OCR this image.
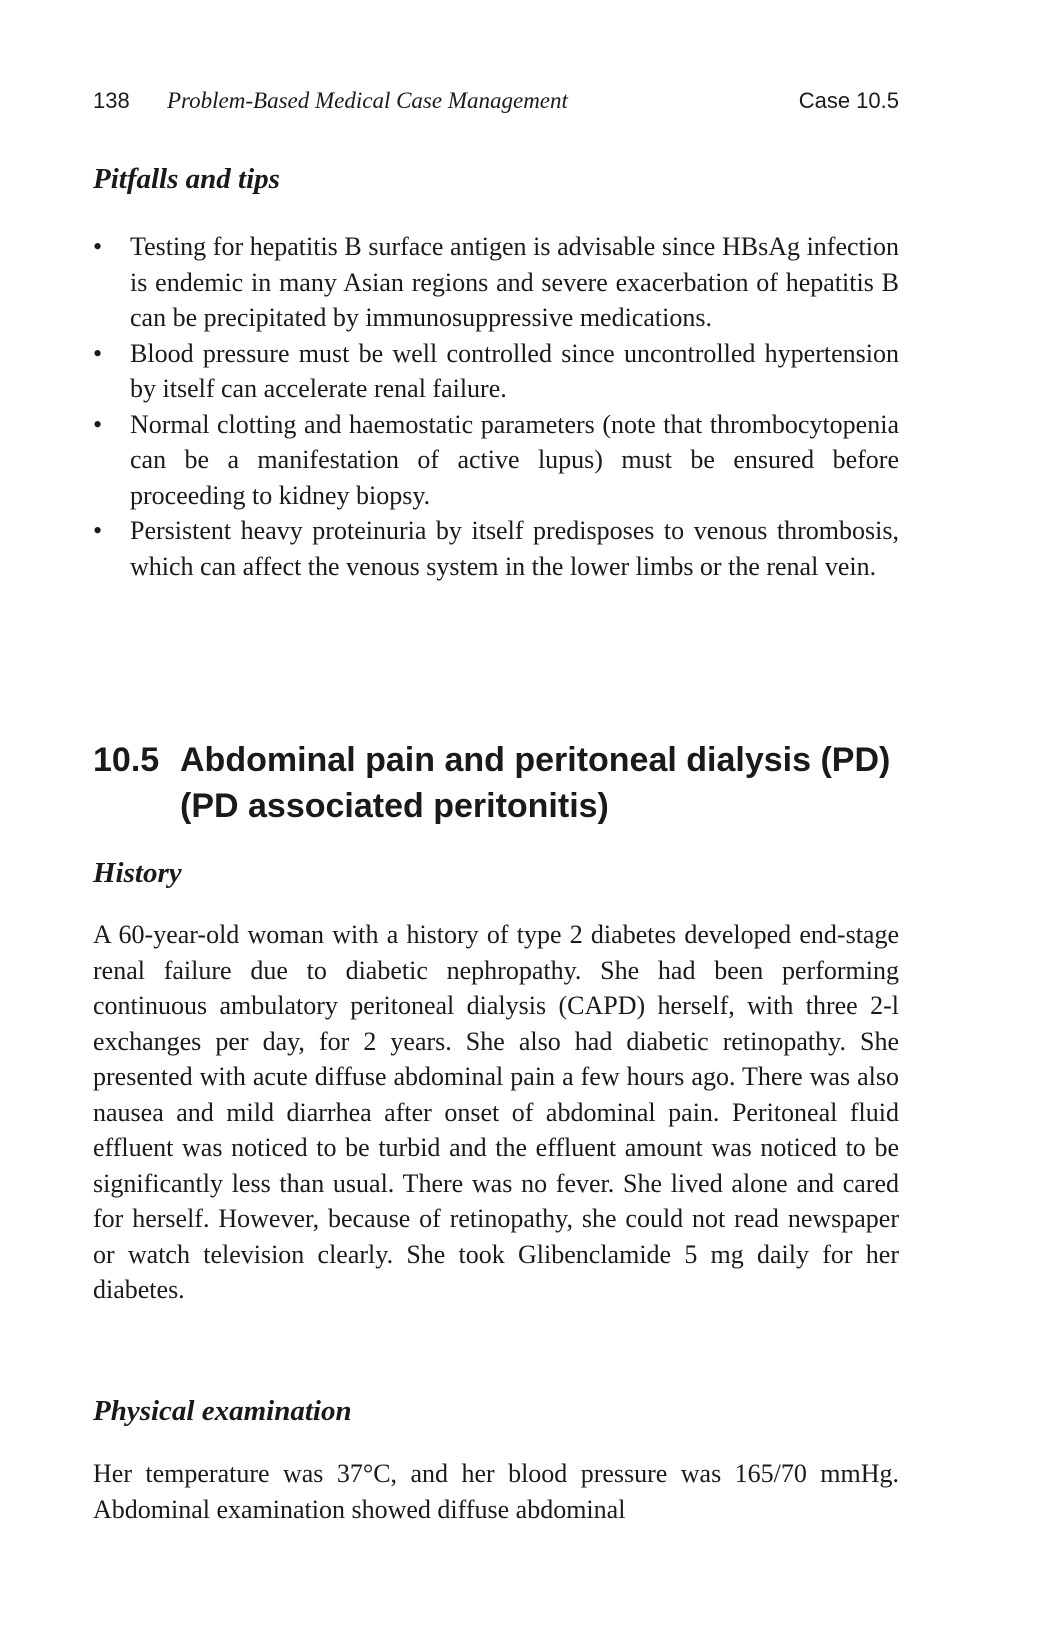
138 Problem-Based Medical Case Management	Case 10.5
Pitfalls and tips
• Testing for hepatitis B surface antigen is advisable since HBsAg infection is endemic in many Asian regions and severe exacerbation of hepatitis B can be precipitated by immunosuppressive medications.
• Blood pressure must be well controlled since uncontrolled hypertension by itself can accelerate renal failure.
• Normal clotting and haemostatic parameters (note that thrombocytopenia can be a manifestation of active lupus) must be ensured before proceeding to kidney biopsy.
• Persistent heavy proteinuria by itself predisposes to venous thrombosis, which can affect the venous system in the lower limbs or the renal vein.
10.5 Abdominal pain and peritoneal dialysis (PD) (PD associated peritonitis)
History

A 60-year-old woman with a history of type 2 diabetes developed end-stage renal failure due to diabetic nephropathy. She had been performing continuous ambulatory peritoneal dialysis (CAPD) herself, with three 2-l exchanges per day, for 2 years. She also had diabetic retinopathy. She presented with acute diffuse abdominal pain a few hours ago. There was also nausea and mild diarrhea after onset of abdominal pain. Peritoneal fluid effluent was noticed to be turbid and the effluent amount was noticed to be significantly less than usual. There was no fever. She lived alone and cared for herself. However, because of retinopathy, she could not read newspaper or watch television clearly. She took Glibenclamide 5 mg daily for her diabetes.

Physical examination

Her temperature was 37°C, and her blood pressure was 165/70 mmHg. Abdominal examination showed diffuse abdominal
